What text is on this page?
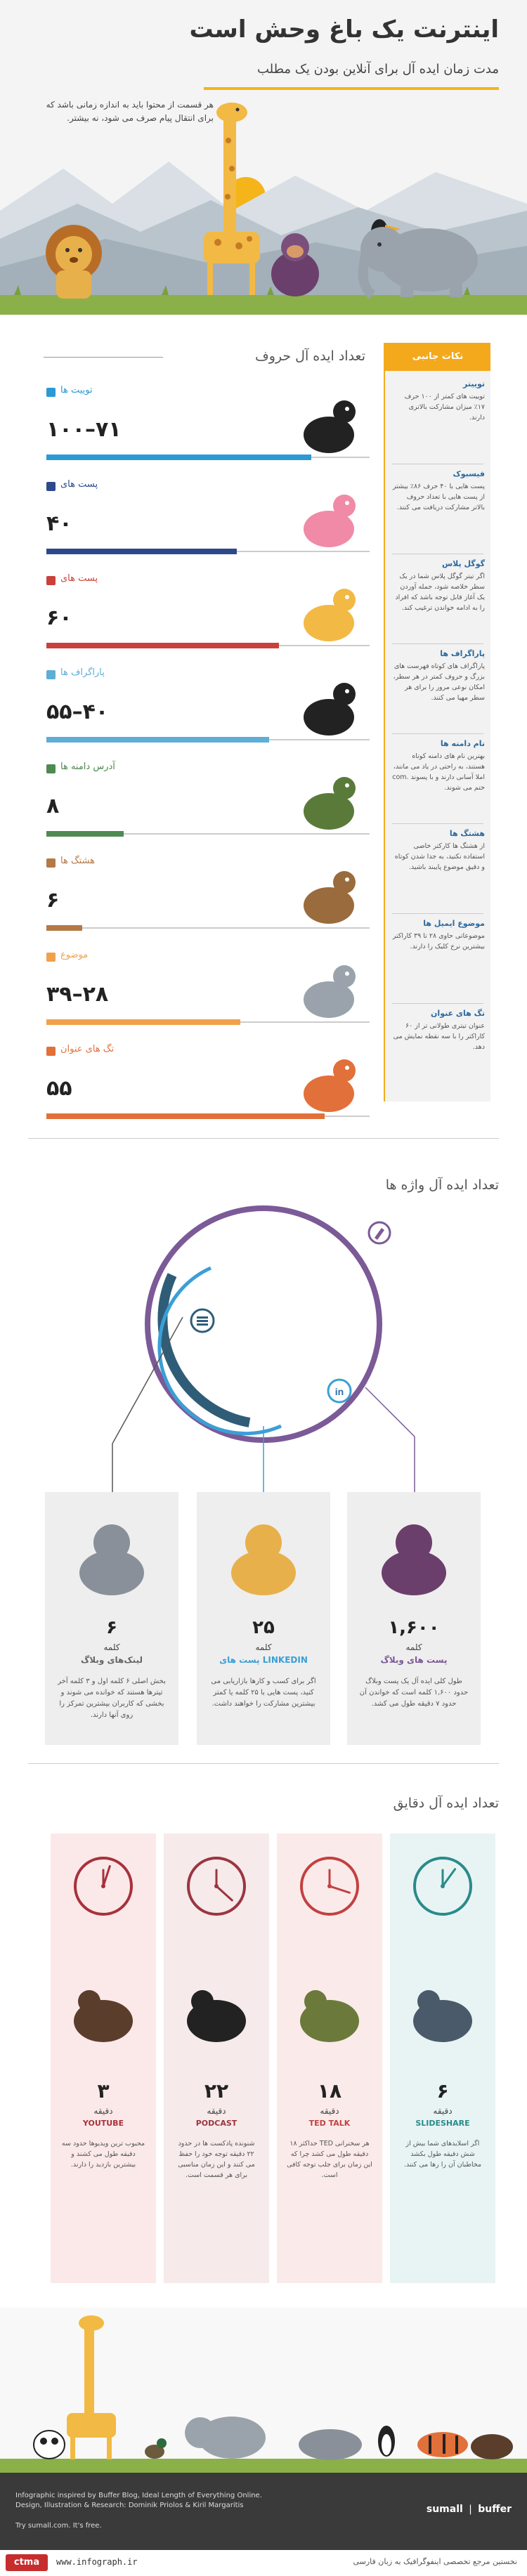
اینترنت یک باغ وحش است
مدت زمان ایده آل برای آنلاین بودن یک مطلب
هر قسمت از محتوا باید به اندازه زمانی باشد که برای انتقال پیام صرف می شود، نه بیشتر.
تعداد ایده آل حروف
توییت ها
۷۱–۱۰۰
پست های
۴۰
پست های
۶۰
پاراگراف ها
۴۰–۵۵
آدرس دامنه ها
۸
هشتگ ها
۶
موضوع
۲۸–۳۹
تگ های عنوان
۵۵
نکات جانبی
توییتر
توییت های کمتر از ۱۰۰ حرف ۱۷٪ میزان مشارکت بالاتری دارند.
فیسبوک
پست هایی با ۴۰ حرف ۸۶٪ بیشتر از پست هایی با تعداد حروف بالاتر مشارکت دریافت می کنند.
گوگل پلاس
اگر تیتر گوگل پلاس شما در یک سطر خلاصه شود، جمله آوردن یک آغاز قابل توجه باشد که افراد را به ادامه خواندن ترغیب کند.
پاراگراف ها
پاراگراف های کوتاه فهرست های بزرگ و حروف کمتر در هر سطر، امکان نوعی مرور را برای هر سطر مهیا می کنند.
نام دامنه ها
بهترین نام های دامنه کوتاه هستند، به راحتی در یاد می مانند، املا آسانی دارند و با پسوند .com ختم می شوند.
هشتگ ها
از هشتگ ها کارکتر خاصی استفاده نکنید، به جدا شدن کوتاه و دقیق موضوع پایبند باشید.
موضوع ایمیل ها
موضوعاتی حاوی ۲۸ تا ۳۹ کاراکتر بیشترین نرخ کلیک را دارند.
تگ های عنوان
عنوان تیتری طولانی تر از ۶۰ کاراکتر را با سه نقطه نمایش می دهد.
تعداد ایده آل واژه ها
in
۶
کلمه
لینک‌های وبلاگ
بخش اصلی ۶ کلمه اول و ۳ کلمه آخر تیترها هستند که خوانده می شوند و بخشی که کاربران بیشترین تمرکز را روی آنها دارند.
۲۵
کلمه
پست های LINKEDIN
اگر برای کسب و کارها بازاریابی می کنید، پست هایی با ۲۵ کلمه یا کمتر بیشترین مشارکت را خواهند داشت.
۱,۶۰۰
کلمه
پست های وبلاگ
طول کلی ایده آل یک پست وبلاگ حدود ۱,۶۰۰ کلمه است که خواندن آن حدود ۷ دقیقه طول می کشد.
تعداد ایده آل دقایق
۳
دقیقه
YOUTUBE
محبوب ترین ویدیوها حدود سه دقیقه طول می کشند و بیشترین بازدید را دارند.
۲۲
دقیقه
PODCAST
شنونده پادکست ها در حدود ۲۲ دقیقه توجه خود را حفظ می کنند و این زمان مناسبی برای هر قسمت است.
۱۸
دقیقه
TED TALK
هر سخنرانی TED حداکثر ۱۸ دقیقه طول می کشد چرا که این زمان برای جلب توجه کافی است.
۶
دقیقه
SLIDESHARE
اگر اسلایدهای شما بیش از شش دقیقه طول بکشد مخاطبان آن را رها می کنند.
Infographic inspired by Buffer Blog, Ideal Length of Everything Online. Design, Illustration & Research: Dominik Priolos & Kiril Margaritis
Try sumall.com. It's free.
sumall ❘ buffer
ctma	www.infograph.ir	نخستین مرجع تخصصی اینفوگرافیک به زبان فارسی
